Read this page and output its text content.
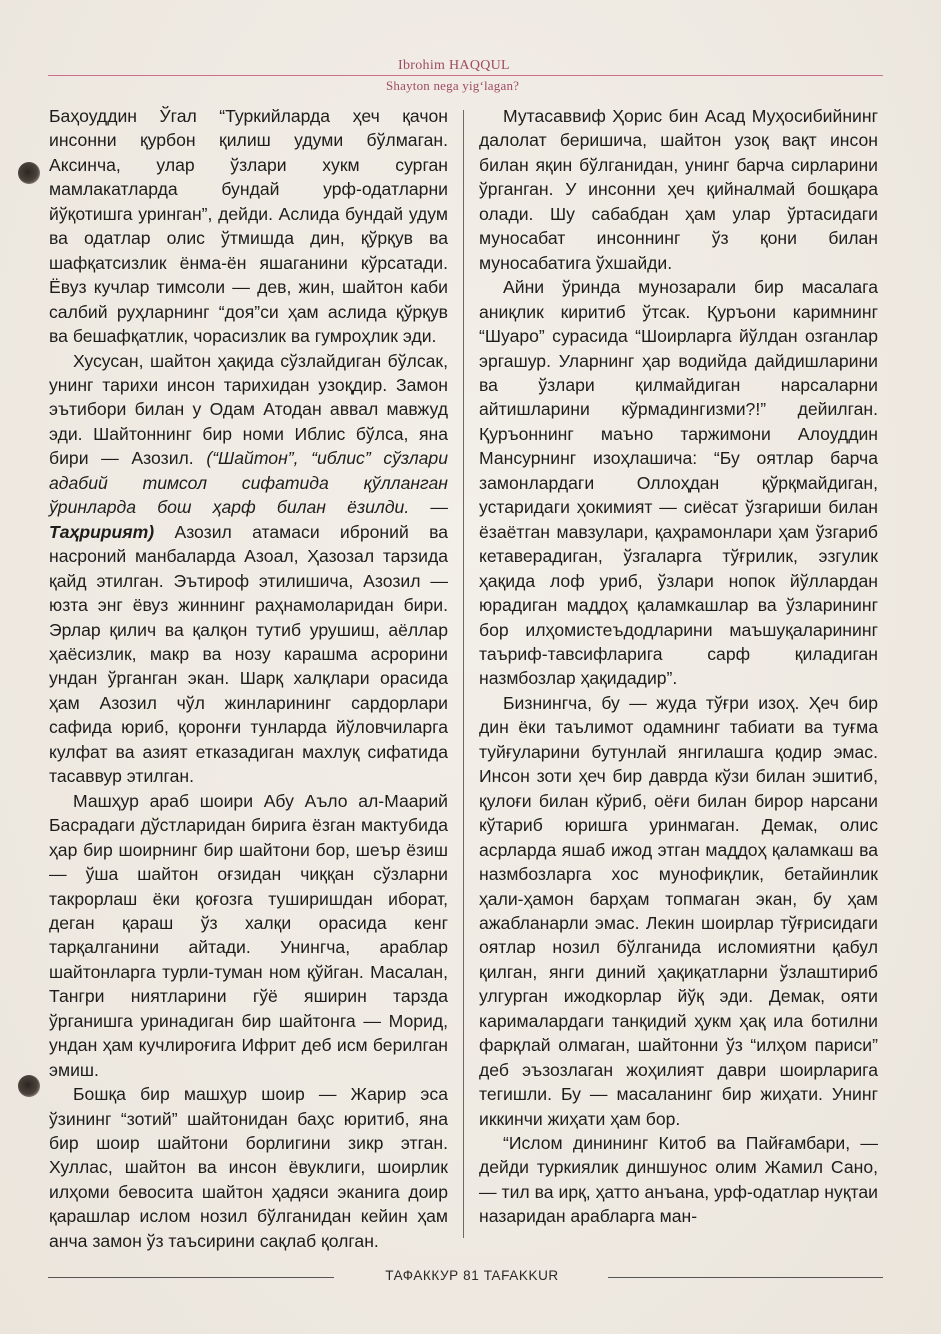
Ibrohim HAQQUL
Shayton nega yig‘lagan?

Баҳоуддин Ўгал “Туркийларда ҳеч қачон инсонни қурбон қилиш удуми бўлмаган. Аксинча, улар ўзлари хукм сурган мамлакатларда бундай урф-одатларни йўқотишга уринган”, дейди. Аслида бундай удум ва одатлар олис ўтмишда дин, қўрқув ва шафқатсизлик ёнма-ён яшаганини кўрсатади. Ёвуз кучлар тимсоли — дев, жин, шайтон каби салбий руҳларнинг “доя”си ҳам аслида қўрқув ва бешафқатлик, чорасизлик ва гумроҳлик эди.

Хусусан, шайтон ҳақида сўзлайдиган бўлсак, унинг тарихи инсон тарихидан узоқдир. Замон эътибори билан у Одам Атодан аввал мавжуд эди. Шайтоннинг бир номи Иблис бўлса, яна бири — Азозил. (“Шайтон”, “иблис” сўзлари адабий тимсол сифатида қўлланган ўринларда бош ҳарф билан ёзилди. — Таҳририят) Азозил атамаси иброний ва насроний манбаларда Азоал, Ҳазозал тарзида қайд этилган. Эътироф этилишича, Азозил — юзта энг ёвуз жиннинг раҳнамоларидан бири. Эрлар қилич ва қалқон тутиб урушиш, аёллар ҳаёсизлик, макр ва нозу карашма асрорини ундан ўрганган экан. Шарқ халқлари орасида ҳам Азозил чўл жинларининг сардорлари сафида юриб, қоронғи тунларда йўловчиларга кулфат ва азият етказадиган махлуқ сифатида тасаввур этилган.

Машҳур араб шоири Абу Аъло ал-Маарий Басрадаги дўстларидан бирига ёзган мактубида ҳар бир шоирнинг бир шайтони бор, шеър ёзиш — ўша шайтон оғзидан чиққан сўзларни такрорлаш ёки қоғозга туширишдан иборат, деган қараш ўз халқи орасида кенг тарқалганини айтади. Унингча, араблар шайтонларга турли-туман ном қўйган. Масалан, Тангри ниятларини гўё яширин тарзда ўрганишга уринадиган бир шайтонга — Морид, ундан ҳам кучлироғига Ифрит деб исм берилган эмиш.

Бошқа бир машҳур шоир — Жарир эса ўзининг “зотий” шайтонидан баҳс юритиб, яна бир шоир шайтони борлигини зикр этган. Хуллас, шайтон ва инсон ёвуклиги, шоирлик илҳоми бевосита шайтон ҳадяси эканига доир қарашлар ислом нозил бўлганидан кейин ҳам анча замон ўз таъсирини сақлаб қолган.

Мутасаввиф Ҳорис бин Асад Муҳосибийнинг далолат беришича, шайтон узоқ вақт инсон билан яқин бўлганидан, унинг барча сирларини ўрганган. У инсонни ҳеч қийналмай бошқара олади. Шу сабабдан ҳам улар ўртасидаги муносабат инсоннинг ўз қони билан муносабатига ўхшайди.

Айни ўринда мунозарали бир масалага аниқлик киритиб ўтсак. Қуръони каримнинг “Шуаро” сурасида “Шоирларга йўлдан озганлар эргашур. Уларнинг ҳар водийда дайдишларини ва ўзлари қилмайдиган нарсаларни айтишларини кўрмадингизми?!” дейилган. Қуръоннинг маъно таржимони Алоуддин Мансурнинг изоҳлашича: “Бу оятлар барча замонлардаги Оллоҳдан қўрқмайдиган, устаридаги ҳокимият — сиёсат ўзгариши билан ёзаётган мавзулари, қаҳрамонлари ҳам ўзгариб кетаверадиган, ўзгаларга тўғрилик, эзгулик ҳақида лоф уриб, ўзлари нопок йўллардан юрадиган маддоҳ қаламкашлар ва ўзларининг бор илҳомистеъдодларини маъшуқаларининг таъриф-тавсифларига сарф қиладиган назмбозлар ҳақидадир”.

Бизнингча, бу — жуда тўғри изоҳ. Ҳеч бир дин ёки таълимот одамнинг табиати ва туғма туйғуларини бутунлай янгилашга қодир эмас. Инсон зоти ҳеч бир даврда кўзи билан эшитиб, қулоғи билан кўриб, оёғи билан бирор нарсани кўтариб юришга уринмаган. Демак, олис асрларда яшаб ижод этган маддоҳ қаламкаш ва назмбозларга хос мунофиқлик, бетайинлик ҳали-ҳамон барҳам топмаган экан, бу ҳам ажабланарли эмас. Лекин шоирлар тўғрисидаги оятлар нозил бўлганида исломиятни қабул қилган, янги диний ҳақиқатларни ўзлаштириб улгурган ижодкорлар йўқ эди. Демак, ояти карималардаги танқидий ҳукм ҳақ ила ботилни фарқлай олмаган, шайтонни ўз “илҳом париси” деб эъзозлаган жоҳилият даври шоирларига тегишли. Бу — масаланинг бир жиҳати. Унинг иккинчи жиҳати ҳам бор.

“Ислом динининг Китоб ва Пайғамбари, — дейди туркиялик диншунос олим Жамил Сано, — тил ва ирқ, ҳатто анъана, урф-одатлар нуқтаи назаридан арабларга ман-

ТАФАККУР 81 TAFAKKUR
